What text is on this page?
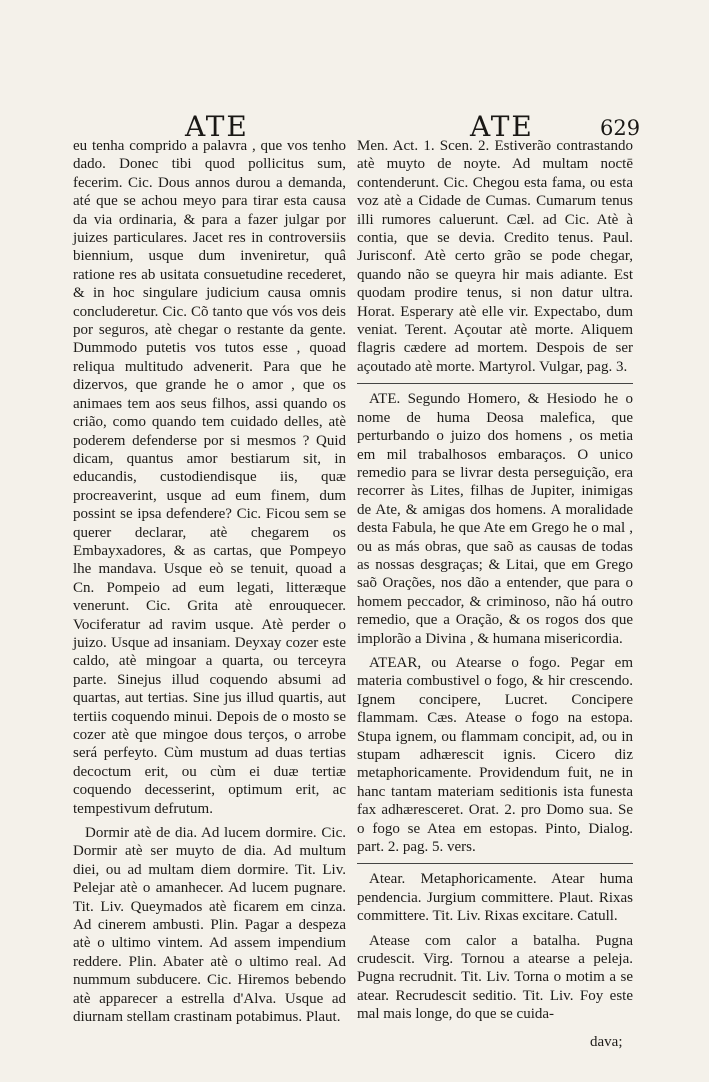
ATE	ATE	629

eu tenha comprido a palavra , que vos tenho dado. Donec tibi quod pollicitus sum, fecerim. Cic. Dous annos durou a demanda, até que se achou meyo para tirar esta causa da via ordinaria, & para a fazer julgar por juizes particulares. Jacet res in controversiis biennium, usque dum inveniretur, quâ ratione res ab usitata consuetudine recederet, & in hoc singulare judicium causa omnis concluderetur. Cic. Cõ tanto que vós vos deis por seguros, atè chegar o restante da gente. Dummodo putetis vos tutos esse , quoad reliqua multitudo advenerit. Para que he dizervos, que grande he o amor , que os animaes tem aos seus filhos, assi quando os crião, como quando tem cuidado delles, atè poderem defenderse por si mesmos ? Quid dicam, quantus amor bestiarum sit, in educandis, custodiendisque iis, quæ procreaverint, usque ad eum finem, dum possint se ipsa defendere? Cic. Ficou sem se querer declarar, atè chegarem os Embayxadores, & as cartas, que Pompeyo lhe mandava. Usque eò se tenuit, quoad a Cn. Pompeio ad eum legati, litteræque venerunt. Cic. Grita atè enrouquecer. Vociferatur ad ravim usque. Atè perder o juizo. Usque ad insaniam. Deyxay cozer este caldo, atè mingoar a quarta, ou terceyra parte. Sinejus illud coquendo absumi ad quartas, aut tertias. Sine jus illud quartis, aut tertiis coquendo minui. Depois de o mosto se cozer atè que mingoe dous terços, o arrobe será perfeyto. Cùm mustum ad duas tertias decoctum erit, ou cùm ei duæ tertiæ coquendo decesserint, optimum erit, ac tempestivum defrutum.

Dormir atè de dia. Ad lucem dormire. Cic. Dormir atè ser muyto de dia. Ad multum diei, ou ad multam diem dormire. Tit. Liv. Pelejar atè o amanhecer. Ad lucem pugnare. Tit. Liv. Queymados atè ficarem em cinza. Ad cinerem ambusti. Plin. Pagar a despeza atè o ultimo vintem. Ad assem impendium reddere. Plin. Abater atè o ultimo real. Ad nummum subducere. Cic. Hiremos bebendo atè apparecer a estrella d'Alva. Usque ad diurnam stellam crastinam potabimus. Plaut.

Men. Act. 1. Scen. 2. Estiverão contrastando atè muyto de noyte. Ad multam noctē contenderunt. Cic. Chegou esta fama, ou esta voz atè a Cidade de Cumas. Cumarum tenus illi rumores caluerunt. Cæl. ad Cic. Atè à contia, que se devia. Credito tenus. Paul. Jurisconf. Atè certo grão se pode chegar, quando não se queyra hir mais adiante. Est quodam prodire tenus, si non datur ultra. Horat. Esperary atè elle vir. Expectabo, dum veniat. Terent. Açoutar atè morte. Aliquem flagris cædere ad mortem. Despois de ser açoutado atè morte. Martyrol. Vulgar, pag. 3.

ATE. Segundo Homero, & Hesiodo he o nome de huma Deosa malefica, que perturbando o juizo dos homens , os metia em mil trabalhosos embaraços. O unico remedio para se livrar desta perseguição, era recorrer às Lites, filhas de Jupiter, inimigas de Ate, & amigas dos homens. A moralidade desta Fabula, he que Ate em Grego he o mal , ou as más obras, que saõ as causas de todas as nossas desgraças; & Litai, que em Grego saõ Orações, nos dão a entender, que para o homem peccador, & criminoso, não há outro remedio, que a Oração, & os rogos dos que implorão a Divina , & humana misericordia.

ATEAR, ou Atearse o fogo. Pegar em materia combustivel o fogo, & hir crescendo. Ignem concipere, Lucret. Concipere flammam. Cæs. Atease o fogo na estopa. Stupa ignem, ou flammam concipit, ad, ou in stupam adhærescit ignis. Cicero diz metaphoricamente. Providendum fuit, ne in hanc tantam materiam seditionis ista funesta fax adhæresceret. Orat. 2. pro Domo sua. Se o fogo se Atea em estopas. Pinto, Dialog. part. 2. pag. 5. vers.

Atear. Metaphoricamente. Atear huma pendencia. Jurgium committere. Plaut. Rixas committere. Tit. Liv. Rixas excitare. Catull.

Atease com calor a batalha. Pugna crudescit. Virg. Tornou a atearse a peleja. Pugna recrudnit. Tit. Liv. Torna o motim a se atear. Recrudescit seditio. Tit. Liv. Foy este mal mais longe, do que se cuida-

dava;
